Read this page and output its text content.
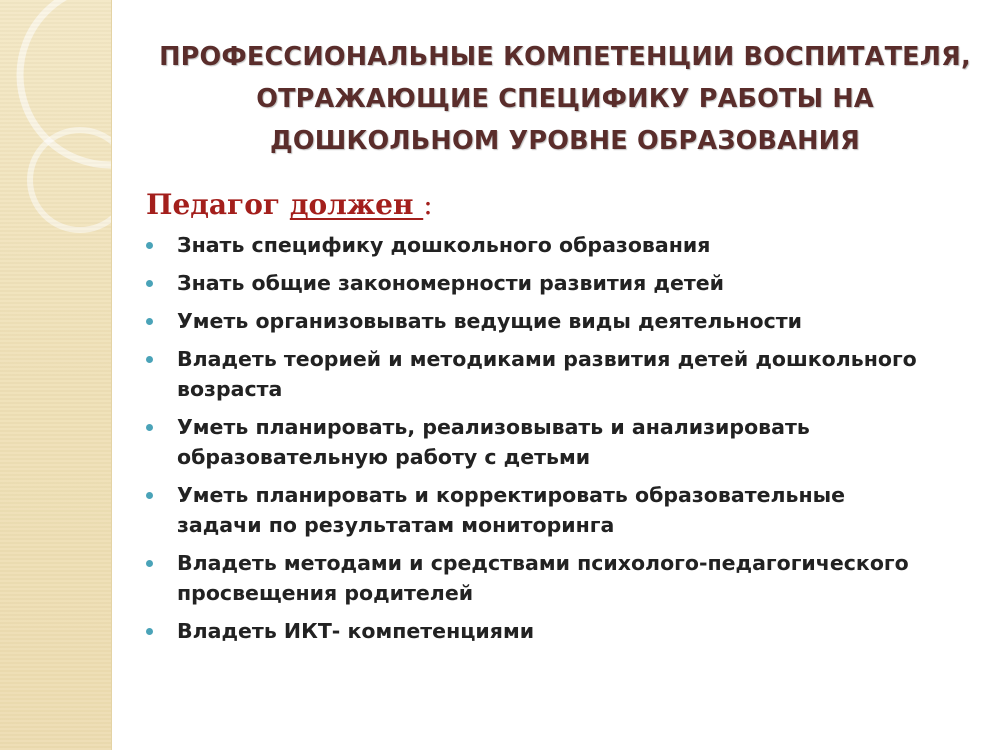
ПРОФЕССИОНАЛЬНЫЕ КОМПЕТЕНЦИИ ВОСПИТАТЕЛЯ,
ОТРАЖАЮЩИЕ СПЕЦИФИКУ РАБОТЫ НА
ДОШКОЛЬНОМ УРОВНЕ ОБРАЗОВАНИЯ
Педагог должен :
Знать специфику дошкольного образования
Знать общие закономерности развития детей
Уметь организовывать ведущие виды деятельности
Владеть теорией и методиками развития детей дошкольного
возраста
Уметь планировать, реализовывать и анализировать
образовательную работу с детьми
Уметь планировать и корректировать образовательные
задачи по результатам мониторинга
Владеть методами и средствами психолого-педагогического
просвещения родителей
Владеть ИКТ- компетенциями
